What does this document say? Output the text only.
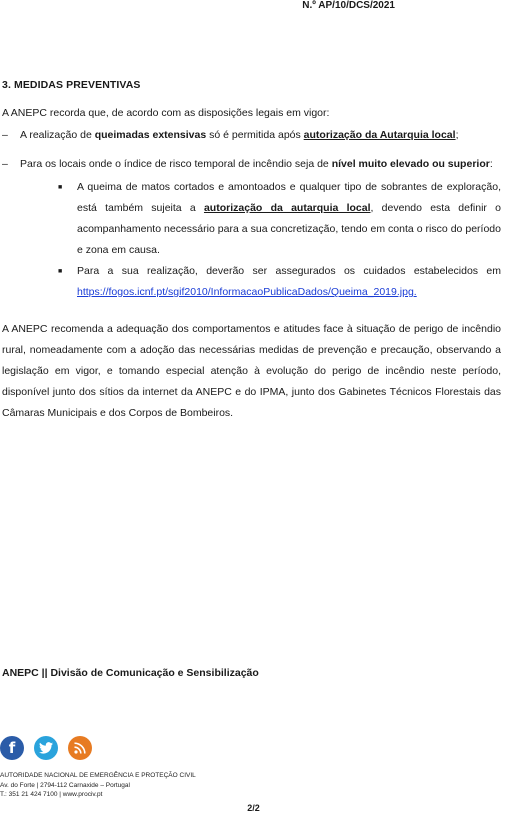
N.º AP/10/DCS/2021
3. MEDIDAS PREVENTIVAS
A ANEPC recorda que, de acordo com as disposições legais em vigor:
– A realização de queimadas extensivas só é permitida após autorização da Autarquia local;
– Para os locais onde o índice de risco temporal de incêndio seja de nível muito elevado ou superior:
■ A queima de matos cortados e amontoados e qualquer tipo de sobrantes de exploração, está também sujeita a autorização da autarquia local, devendo esta definir o acompanhamento necessário para a sua concretização, tendo em conta o risco do período e zona em causa.
■ Para a sua realização, deverão ser assegurados os cuidados estabelecidos em https://fogos.icnf.pt/sgif2010/InformacaoPublicaDados/Queima_2019.jpg.

A ANEPC recomenda a adequação dos comportamentos e atitudes face à situação de perigo de incêndio rural, nomeadamente com a adoção das necessárias medidas de prevenção e precaução, observando a legislação em vigor, e tomando especial atenção à evolução do perigo de incêndio neste período, disponível junto dos sítios da internet da ANEPC e do IPMA, junto dos Gabinetes Técnicos Florestais das Câmaras Municipais e dos Corpos de Bombeiros.

ANEPC || Divisão de Comunicação e Sensibilização
f
AUTORIDADE NACIONAL DE EMERGÊNCIA E PROTEÇÃO CIVIL
Av. do Forte | 2794-112 Carnaxide – Portugal
T.: 351 21 424 7100 | www.prociv.pt
2/2
